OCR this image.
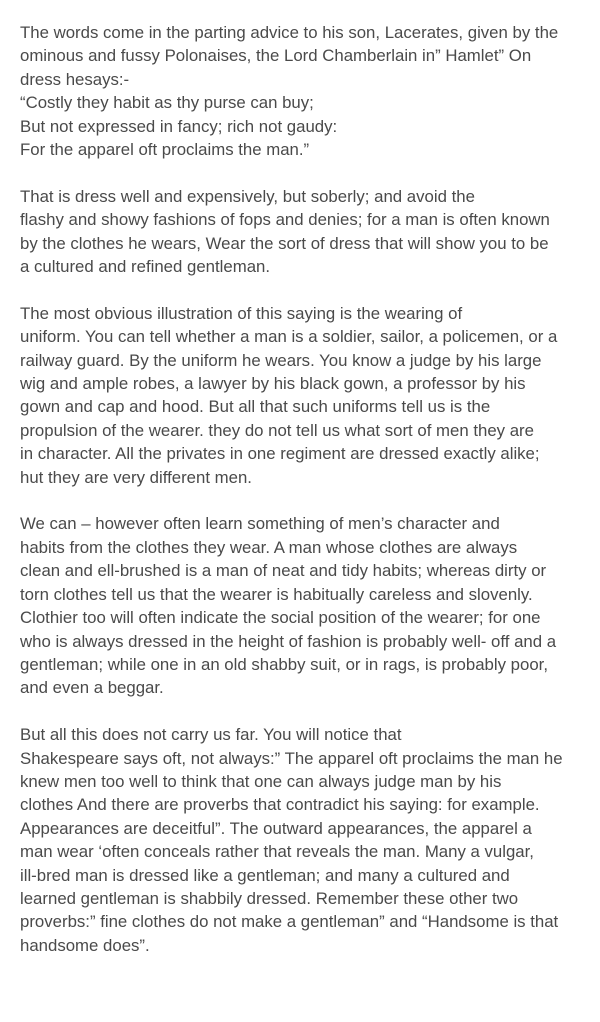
The words come in the parting advice to his son, Lacerates, given by the
ominous and fussy Polonaises, the Lord Chamberlain in” Hamlet” On
dress hesays:-
“Costly they habit as thy purse can buy;
But not expressed in fancy; rich not gaudy:
For the apparel oft proclaims the man.”

That is dress well and expensively, but soberly; and avoid the
flashy and showy fashions of fops and denies; for a man is often known
by the clothes he wears, Wear the sort of dress that will show you to be
a cultured and refined gentleman.

The most obvious illustration of this saying is the wearing of
uniform. You can tell whether a man is a soldier, sailor, a policemen, or a
railway guard. By the uniform he wears. You know a judge by his large
wig and ample robes, a lawyer by his black gown, a professor by his
gown and cap and hood. But all that such uniforms tell us is the
propulsion of the wearer. they do not tell us what sort of men they are
in character. All the privates in one regiment are dressed exactly alike;
hut they are very different men.

We can – however often learn something of men’s character and
habits from the clothes they wear. A man whose clothes are always
clean and ell-brushed is a man of neat and tidy habits; whereas dirty or
torn clothes tell us that the wearer is habitually careless and slovenly.
Clothier too will often indicate the social position of the wearer; for one
who is always dressed in the height of fashion is probably well- off and a
gentleman; while one in an old shabby suit, or in rags, is probably poor,
and even a beggar.

But all this does not carry us far. You will notice that
Shakespeare says oft, not always:” The apparel oft proclaims the man he
knew men too well to think that one can always judge man by his
clothes And there are proverbs that contradict his saying: for example.
Appearances are deceitful”. The outward appearances, the apparel a
man wear ‘often conceals rather that reveals the man. Many a vulgar,
ill-bred man is dressed like a gentleman; and many a cultured and
learned gentleman is shabbily dressed. Remember these other two
proverbs:” fine clothes do not make a gentleman” and “Handsome is that
handsome does”.
